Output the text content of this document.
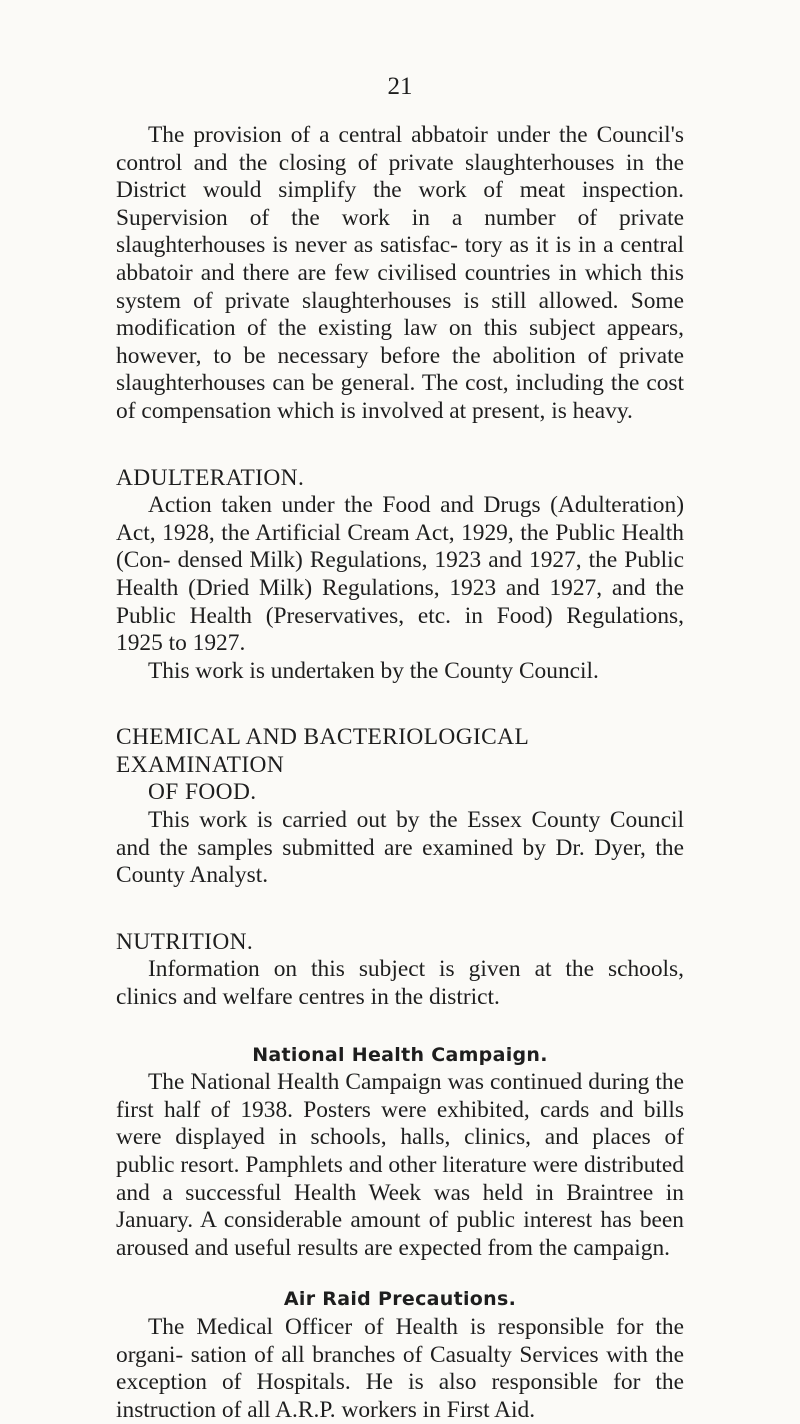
21

The provision of a central abbatoir under the Council's control and the closing of private slaughterhouses in the District would simplify the work of meat inspection. Supervision of the work in a number of private slaughterhouses is never as satisfac- tory as it is in a central abbatoir and there are few civilised countries in which this system of private slaughterhouses is still allowed. Some modification of the existing law on this subject appears, however, to be necessary before the abolition of private slaughterhouses can be general. The cost, including the cost of compensation which is involved at present, is heavy.

ADULTERATION.

Action taken under the Food and Drugs (Adulteration) Act, 1928, the Artificial Cream Act, 1929, the Public Health (Con- densed Milk) Regulations, 1923 and 1927, the Public Health (Dried Milk) Regulations, 1923 and 1927, and the Public Health (Preservatives, etc. in Food) Regulations, 1925 to 1927.

This work is undertaken by the County Council.

CHEMICAL AND BACTERIOLOGICAL EXAMINATION
OF FOOD.

This work is carried out by the Essex County Council and the samples submitted are examined by Dr. Dyer, the County Analyst.

NUTRITION.

Information on this subject is given at the schools, clinics and welfare centres in the district.

National Health Campaign.

The National Health Campaign was continued during the first half of 1938. Posters were exhibited, cards and bills were displayed in schools, halls, clinics, and places of public resort. Pamphlets and other literature were distributed and a successful Health Week was held in Braintree in January. A considerable amount of public interest has been aroused and useful results are expected from the campaign.

Air Raid Precautions.

The Medical Officer of Health is responsible for the organi- sation of all branches of Casualty Services with the exception of Hospitals. He is also responsible for the instruction of all A.R.P. workers in First Aid.
